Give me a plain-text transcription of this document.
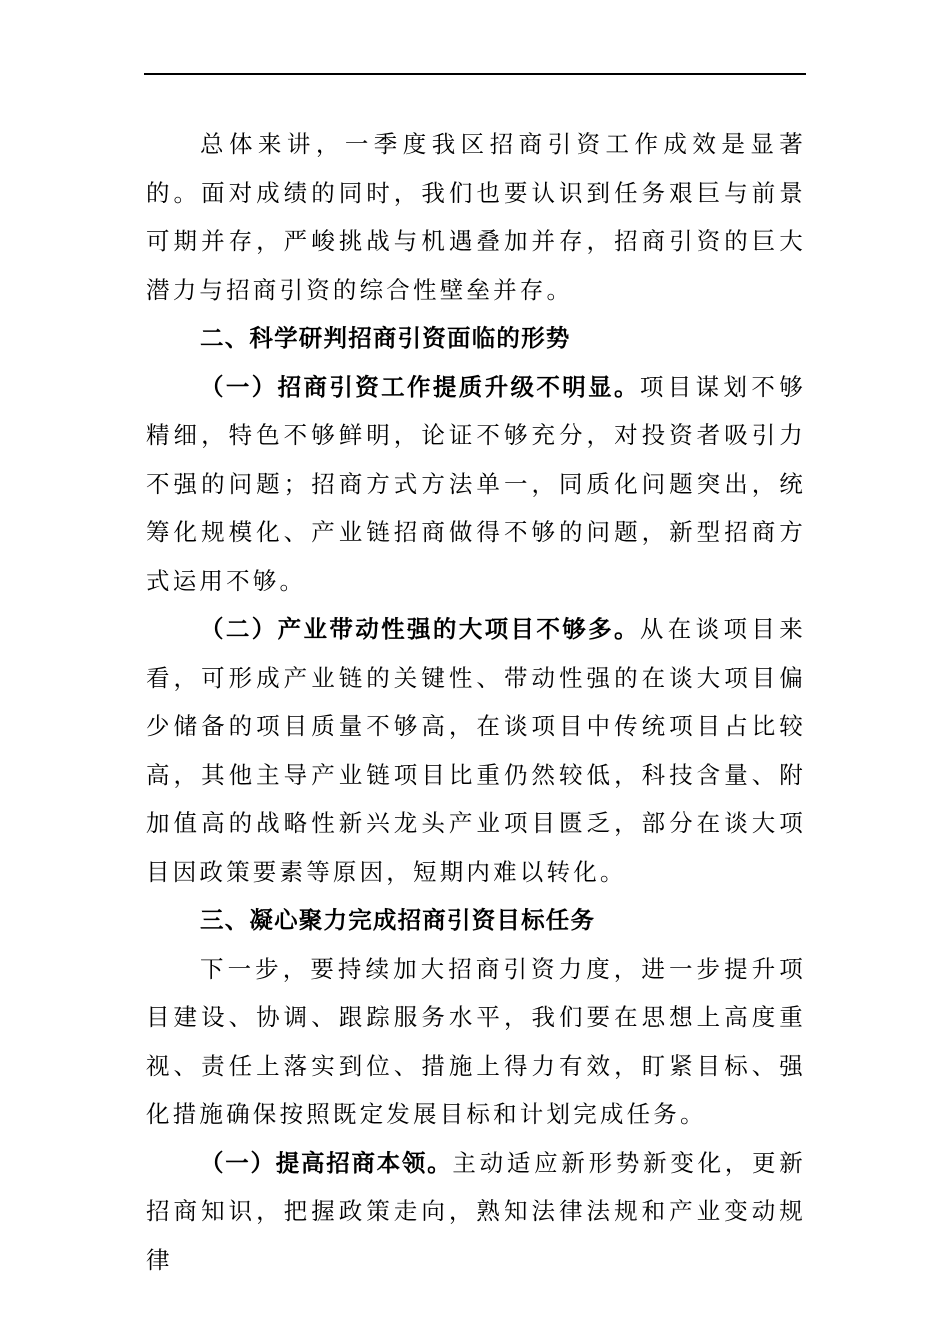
总体来讲，一季度我区招商引资工作成效是显著的。面对成绩的同时，我们也要认识到任务艰巨与前景可期并存，严峻挑战与机遇叠加并存，招商引资的巨大潜力与招商引资的综合性壁垒并存。

二、科学研判招商引资面临的形势

（一）招商引资工作提质升级不明显。项目谋划不够精细，特色不够鲜明，论证不够充分，对投资者吸引力不强的问题；招商方式方法单一，同质化问题突出，统筹化规模化、产业链招商做得不够的问题，新型招商方式运用不够。

（二）产业带动性强的大项目不够多。从在谈项目来看，可形成产业链的关键性、带动性强的在谈大项目偏少储备的项目质量不够高，在谈项目中传统项目占比较高，其他主导产业链项目比重仍然较低，科技含量、附加值高的战略性新兴龙头产业项目匮乏，部分在谈大项目因政策要素等原因，短期内难以转化。

三、凝心聚力完成招商引资目标任务

下一步，要持续加大招商引资力度，进一步提升项目建设、协调、跟踪服务水平，我们要在思想上高度重视、责任上落实到位、措施上得力有效，盯紧目标、强化措施确保按照既定发展目标和计划完成任务。

（一）提高招商本领。主动适应新形势新变化，更新招商知识，把握政策走向，熟知法律法规和产业变动规律
